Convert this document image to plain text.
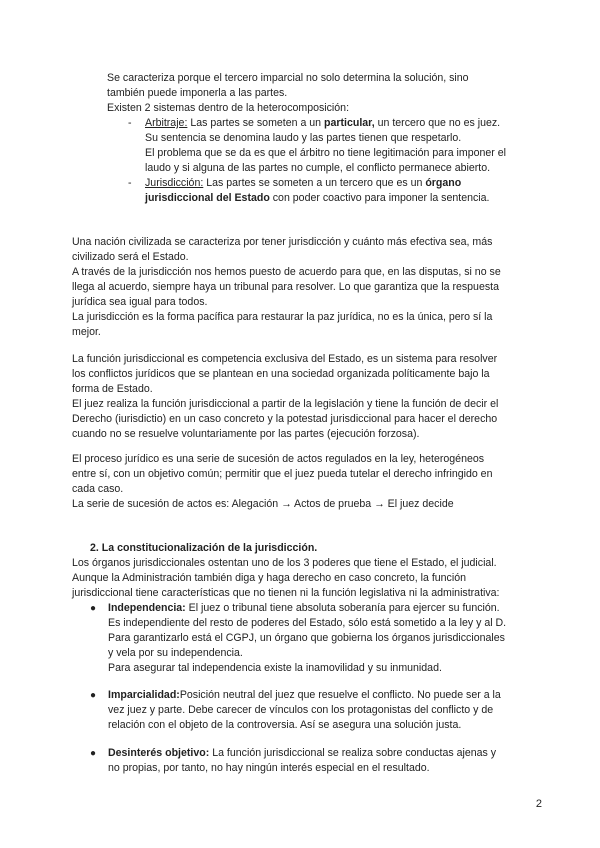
Se caracteriza porque el tercero imparcial no solo determina la solución, sino
también puede imponerla a las partes.
Existen 2 sistemas dentro de la heterocomposición:
- Arbitraje: Las partes se someten a un particular, un tercero que no es juez.
Su sentencia se denomina laudo y las partes tienen que respetarlo.
El problema que se da es que el árbitro no tiene legitimación para imponer el
laudo y si alguna de las partes no cumple, el conflicto permanece abierto.
- Jurisdicción: Las partes se someten a un tercero que es un órgano
jurisdiccional del Estado con poder coactivo para imponer la sentencia.
Una nación civilizada se caracteriza por tener jurisdicción y cuánto más efectiva sea, más
civilizado será el Estado.
A través de la jurisdicción nos hemos puesto de acuerdo para que, en las disputas, si no se
llega al acuerdo, siempre haya un tribunal para resolver. Lo que garantiza que la respuesta
jurídica sea igual para todos.
La jurisdicción es la forma pacífica para restaurar la paz jurídica, no es la única, pero sí la
mejor.
La función jurisdiccional es competencia exclusiva del Estado, es un sistema para resolver
los conflictos jurídicos que se plantean en una sociedad organizada políticamente bajo la
forma de Estado.
El juez realiza la función jurisdiccional a partir de la legislación y tiene la función de decir el
Derecho (iurisdictio) en un caso concreto y la potestad jurisdiccional para hacer el derecho
cuando no se resuelve voluntariamente por las partes (ejecución forzosa).
El proceso jurídico es una serie de sucesión de actos regulados en la ley, heterogéneos
entre sí, con un objetivo común; permitir que el juez pueda tutelar el derecho infringido en
cada caso.
La serie de sucesión de actos es: Alegación → Actos de prueba → El juez decide
2. La constitucionalización de la jurisdicción.
Los órganos jurisdiccionales ostentan uno de los 3 poderes que tiene el Estado, el judicial.
Aunque la Administración también diga y haga derecho en caso concreto, la función
jurisdiccional tiene características que no tienen ni la función legislativa ni la administrativa:
● Independencia: El juez o tribunal tiene absoluta soberanía para ejercer su función.
Es independiente del resto de poderes del Estado, sólo está sometido a la ley y al D.
Para garantizarlo está el CGPJ, un órgano que gobierna los órganos jurisdiccionales
y vela por su independencia.
Para asegurar tal independencia existe la inamovilidad y su inmunidad.
● Imparcialidad:Posición neutral del juez que resuelve el conflicto. No puede ser a la
vez juez y parte. Debe carecer de vínculos con los protagonistas del conflicto y de
relación con el objeto de la controversia. Así se asegura una solución justa.
● Desinterés objetivo: La función jurisdiccional se realiza sobre conductas ajenas y
no propias, por tanto, no hay ningún interés especial en el resultado.
2
